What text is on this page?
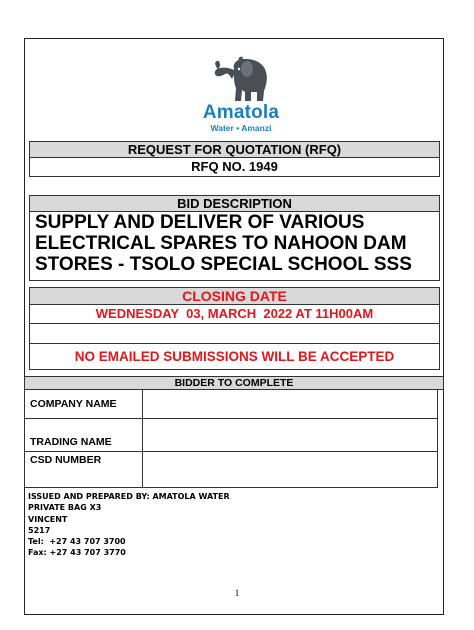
Amatola
Water • Amanzi
REQUEST FOR QUOTATION (RFQ)
RFQ NO. 1949
BID DESCRIPTION
SUPPLY AND DELIVER OF VARIOUS
ELECTRICAL SPARES TO NAHOON DAM
STORES - TSOLO SPECIAL SCHOOL SSS
CLOSING DATE
WEDNESDAY  03, MARCH  2022 AT 11H00AM
NO EMAILED SUBMISSIONS WILL BE ACCEPTED
BIDDER TO COMPLETE
COMPANY NAME	
TRADING NAME	
CSD NUMBER	
ISSUED AND PREPARED BY: AMATOLA WATER
PRIVATE BAG X3
VINCENT
5217
Tel:  +27 43 707 3700
Fax: +27 43 707 3770
1
